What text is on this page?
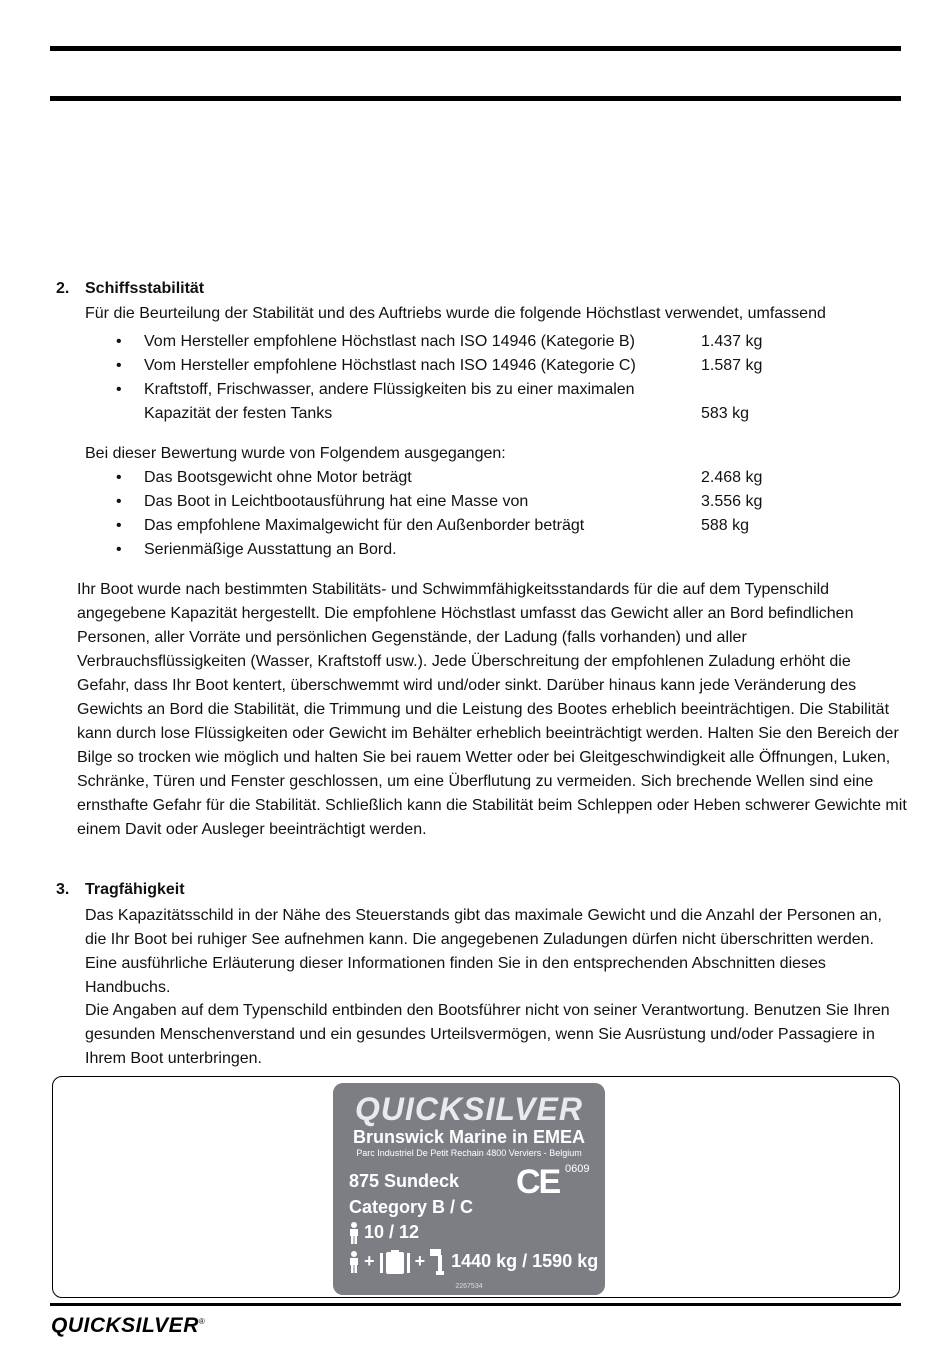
2. Schiffsstabilität

Für die Beurteilung der Stabilität und des Auftriebs wurde die folgende Höchstlast verwendet, umfassend

• Vom Hersteller empfohlene Höchstlast nach ISO 14946 (Kategorie B)	1.437 kg
• Vom Hersteller empfohlene Höchstlast nach ISO 14946 (Kategorie C)	1.587 kg
• Kraftstoff, Frischwasser, andere Flüssigkeiten bis zu einer maximalen Kapazität der festen Tanks	583 kg

Bei dieser Bewertung wurde von Folgendem ausgegangen:

• Das Bootsgewicht ohne Motor beträgt	2.468 kg
• Das Boot in Leichtbootausführung hat eine Masse von	3.556 kg
• Das empfohlene Maximalgewicht für den Außenborder beträgt	588 kg
• Serienmäßige Ausstattung an Bord.

Ihr Boot wurde nach bestimmten Stabilitäts- und Schwimmfähigkeitsstandards für die auf dem Typenschild angegebene Kapazität hergestellt. Die empfohlene Höchstlast umfasst das Gewicht aller an Bord befindlichen Personen, aller Vorräte und persönlichen Gegenstände, der Ladung (falls vorhanden) und aller Verbrauchsflüssigkeiten (Wasser, Kraftstoff usw.). Jede Überschreitung der empfohlenen Zuladung erhöht die Gefahr, dass Ihr Boot kentert, überschwemmt wird und/oder sinkt. Darüber hinaus kann jede Veränderung des Gewichts an Bord die Stabilität, die Trimmung und die Leistung des Bootes erheblich beeinträchtigen. Die Stabilität kann durch lose Flüssigkeiten oder Gewicht im Behälter erheblich beeinträchtigt werden. Halten Sie den Bereich der Bilge so trocken wie möglich und halten Sie bei rauem Wetter oder bei Gleitgeschwindigkeit alle Öffnungen, Luken, Schränke, Türen und Fenster geschlossen, um eine Überflutung zu vermeiden. Sich brechende Wellen sind eine ernsthafte Gefahr für die Stabilität. Schließlich kann die Stabilität beim Schleppen oder Heben schwerer Gewichte mit einem Davit oder Ausleger beeinträchtigt werden.

3. Tragfähigkeit

Das Kapazitätsschild in der Nähe des Steuerstands gibt das maximale Gewicht und die Anzahl der Personen an, die Ihr Boot bei ruhiger See aufnehmen kann. Die angegebenen Zuladungen dürfen nicht überschritten werden. Eine ausführliche Erläuterung dieser Informationen finden Sie in den entsprechenden Abschnitten dieses Handbuchs.

Die Angaben auf dem Typenschild entbinden den Bootsführer nicht von seiner Verantwortung. Benutzen Sie Ihren gesunden Menschenverstand und ein gesundes Urteilsvermögen, wenn Sie Ausrüstung und/oder Passagiere in Ihrem Boot unterbringen.

QUICKSILVER
Brunswick Marine in EMEA
Parc Industriel De Petit Rechain 4800 Verviers - Belgium
875 Sundeck
Category B / C
CE 0609
10 / 12
+ + 1440 kg / 1590 kg
2267534
QUICKSILVER®
